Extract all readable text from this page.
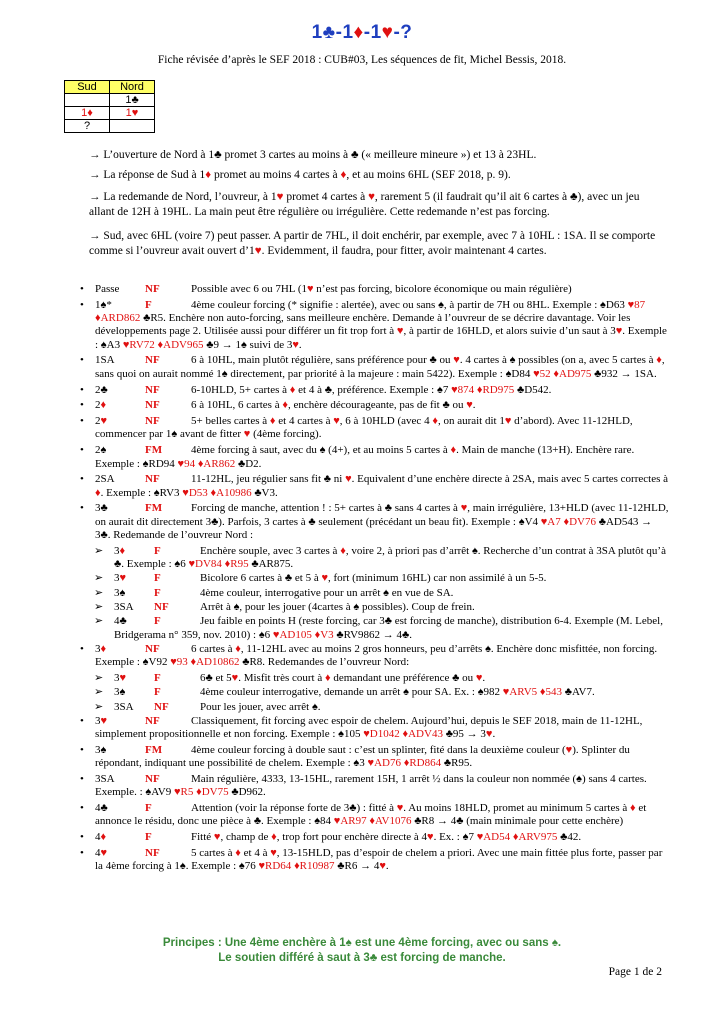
1♣-1♦-1♥-?
Fiche révisée d’après le SEF 2018 : CUB#03, Les séquences de fit, Michel Bessis, 2018.
Sud	Nord
	1♣
1♦	1♥
?	
→ L’ouverture de Nord à 1♣ promet 3 cartes au moins à ♣ (« meilleure mineure ») et 13 à 23HL.
→ La réponse de Sud à 1♦ promet au moins 4 cartes à ♦, et au moins 6HL (SEF 2018, p. 9).
→ La redemande de Nord, l’ouvreur, à 1♥ promet 4 cartes à ♥, rarement 5 (il faudrait qu’il ait 6 cartes à ♣), avec un jeu allant de 12H à 19HL. La main peut être régulière ou irrégulière. Cette redemande n’est pas forcing.
→ Sud, avec 6HL (voire 7) peut passer. A partir de 7HL, il doit enchérir, par exemple, avec 7 à 10HL : 1SA. Il se comporte comme si l’ouvreur avait ouvert d’1♥. Evidemment, il faudra, pour fitter, avoir maintenant 4 cartes.
• Passe NF	Possible avec 6 ou 7HL (1♥ n’est pas forcing, bicolore économique ou main régulière)
• 1♠*	F	4ème couleur forcing (* signifie : alertée), avec ou sans ♠, à partir de 7H ou 8HL. Exemple : ♠D63 ♥87 ♦ARD862 ♣R5. Enchère non auto-forcing, sans meilleure enchère. Demande à l’ouvreur de se décrire davantage. Voir les développements page 2. Utilisée aussi pour différer un fit trop fort à ♥, à partir de 16HLD, et alors suivie d’un saut à 3♥. Exemple : ♠A3 ♥RV72 ♦ADV965 ♣9 → 1♠ suivi de 3♥.
• 1SA	NF	6 à 10HL, main plutôt régulière, sans préférence pour ♣ ou ♥. 4 cartes à ♠ possibles (on a, avec 5 cartes à ♦, sans quoi on aurait nommé 1♠ directement, par priorité à la majeure : main 5422). Exemple : ♠D84 ♥52 ♦AD975 ♣932 → 1SA.
• 2♣	NF	6-10HLD, 5+ cartes à ♦ et 4 à ♣, préférence. Exemple : ♠7 ♥874 ♦RD975 ♣D542.
• 2♦	NF	6 à 10HL, 6 cartes à ♦, enchère décourageante, pas de fit ♣ ou ♥.
• 2♥	NF	5+ belles cartes à ♦ et 4 cartes à ♥, 6 à 10HLD (avec 4 ♦, on aurait dit 1♥ d’abord). Avec 11-12HLD, commencer par 1♠ avant de fitter ♥ (4ème forcing).
• 2♠	FM	4ème forcing à saut, avec du ♠ (4+), et au moins 5 cartes à ♦. Main de manche (13+H). Enchère rare. Exemple : ♠RD94 ♥94 ♦AR862 ♣D2.
• 2SA	NF	11-12HL, jeu régulier sans fit ♣ ni ♥. Equivalent d’une enchère directe à 2SA, mais avec 5 cartes correctes à ♦. Exemple : ♠RV3 ♥D53 ♦A10986 ♣V3.
• 3♣	FM	Forcing de manche, attention ! : 5+ cartes à ♣ sans 4 cartes à ♥, main irrégulière, 13+HLD (avec 11-12HLD, on aurait dit directement 3♣). Parfois, 3 cartes à ♣ seulement (précédant un beau fit). Exemple : ♠V4 ♥A7 ♦DV76 ♣AD543 → 3♣. Redemande de l’ouvreur Nord :
➢ 3♦	F	Enchère souple, avec 3 cartes à ♦, voire 2, à priori pas d’arrêt ♠. Recherche d’un contrat à 3SA plutôt qu’à ♣. Exemple : ♠6 ♥DV84 ♦R95 ♣AR875.
➢ 3♥	F	Bicolore 6 cartes à ♣ et 5 à ♥, fort (minimum 16HL) car non assimilé à un 5-5.
➢ 3♠	F	4ème couleur, interrogative pour un arrêt ♠ en vue de SA.
➢ 3SA NF	Arrêt à ♠, pour les jouer (4cartes à ♠ possibles). Coup de frein.
➢ 4♣ F	Jeu faible en points H (reste forcing, car 3♣ est forcing de manche), distribution 6-4. Exemple (M. Lebel, Bridgerama n° 359, nov. 2010) : ♠6 ♥AD105 ♦V3 ♣RV9862 → 4♣.
• 3♦	NF	6 cartes à ♦, 11-12HL avec au moins 2 gros honneurs, peu d’arrêts ♠. Enchère donc misfittée, non forcing. Exemple : ♠V92 ♥93 ♦AD10862 ♣R8. Redemandes de l’ouvreur Nord:
➢ 3♥	F	6♣ et 5♥. Misfit très court à ♦ demandant une préférence ♣ ou ♥.
➢ 3♠	F	4ème couleur interrogative, demande un arrêt ♠ pour SA. Ex. : ♠982 ♥ARV5 ♦543 ♣AV7.
➢ 3SA NF	Pour les jouer, avec arrêt ♠.
• 3♥	NF	Classiquement, fit forcing avec espoir de chelem. Aujourd’hui, depuis le SEF 2018, main de 11-12HL, simplement propositionnelle et non forcing. Exemple : ♠105 ♥D1042 ♦ADV43 ♣95 → 3♥.
• 3♠	FM	4ème couleur forcing à double saut : c’est un splinter, fité dans la deuxième couleur (♥). Splinter du répondant, indiquant une possibilité de chelem. Exemple : ♠3 ♥AD76 ♦RD864 ♣R95.
• 3SA	NF	Main régulière, 4333, 13-15HL, rarement 15H, 1 arrêt ½ dans la couleur non nommée (♠) sans 4 cartes. Exemple. : ♠AV9 ♥R5 ♦DV75 ♣D962.
• 4♣	F	Attention (voir la réponse forte de 3♣) : fitté à ♥. Au moins 18HLD, promet au minimum 5 cartes à ♦ et annonce le résidu, donc une pièce à ♣. Exemple : ♠84 ♥AR97 ♦AV1076 ♣R8 → 4♣ (main minimale pour cette enchère)
• 4♦	F	Fitté ♥, champ de ♦, trop fort pour enchère directe à 4♥. Ex. : ♠7 ♥AD54 ♦ARV975 ♣42.
• 4♥	NF	5 cartes à ♦ et 4 à ♥, 13-15HLD, pas d’espoir de chelem a priori. Avec une main fittée plus forte, passer par la 4ème forcing à 1♠. Exemple : ♠76 ♥RD64 ♦R10987 ♣R6 → 4♥.
Principes : Une 4ème enchère à 1♠ est une 4ème forcing, avec ou sans ♠.
Le soutien différé à saut à 3♣ est forcing de manche.
Page 1 de 2
